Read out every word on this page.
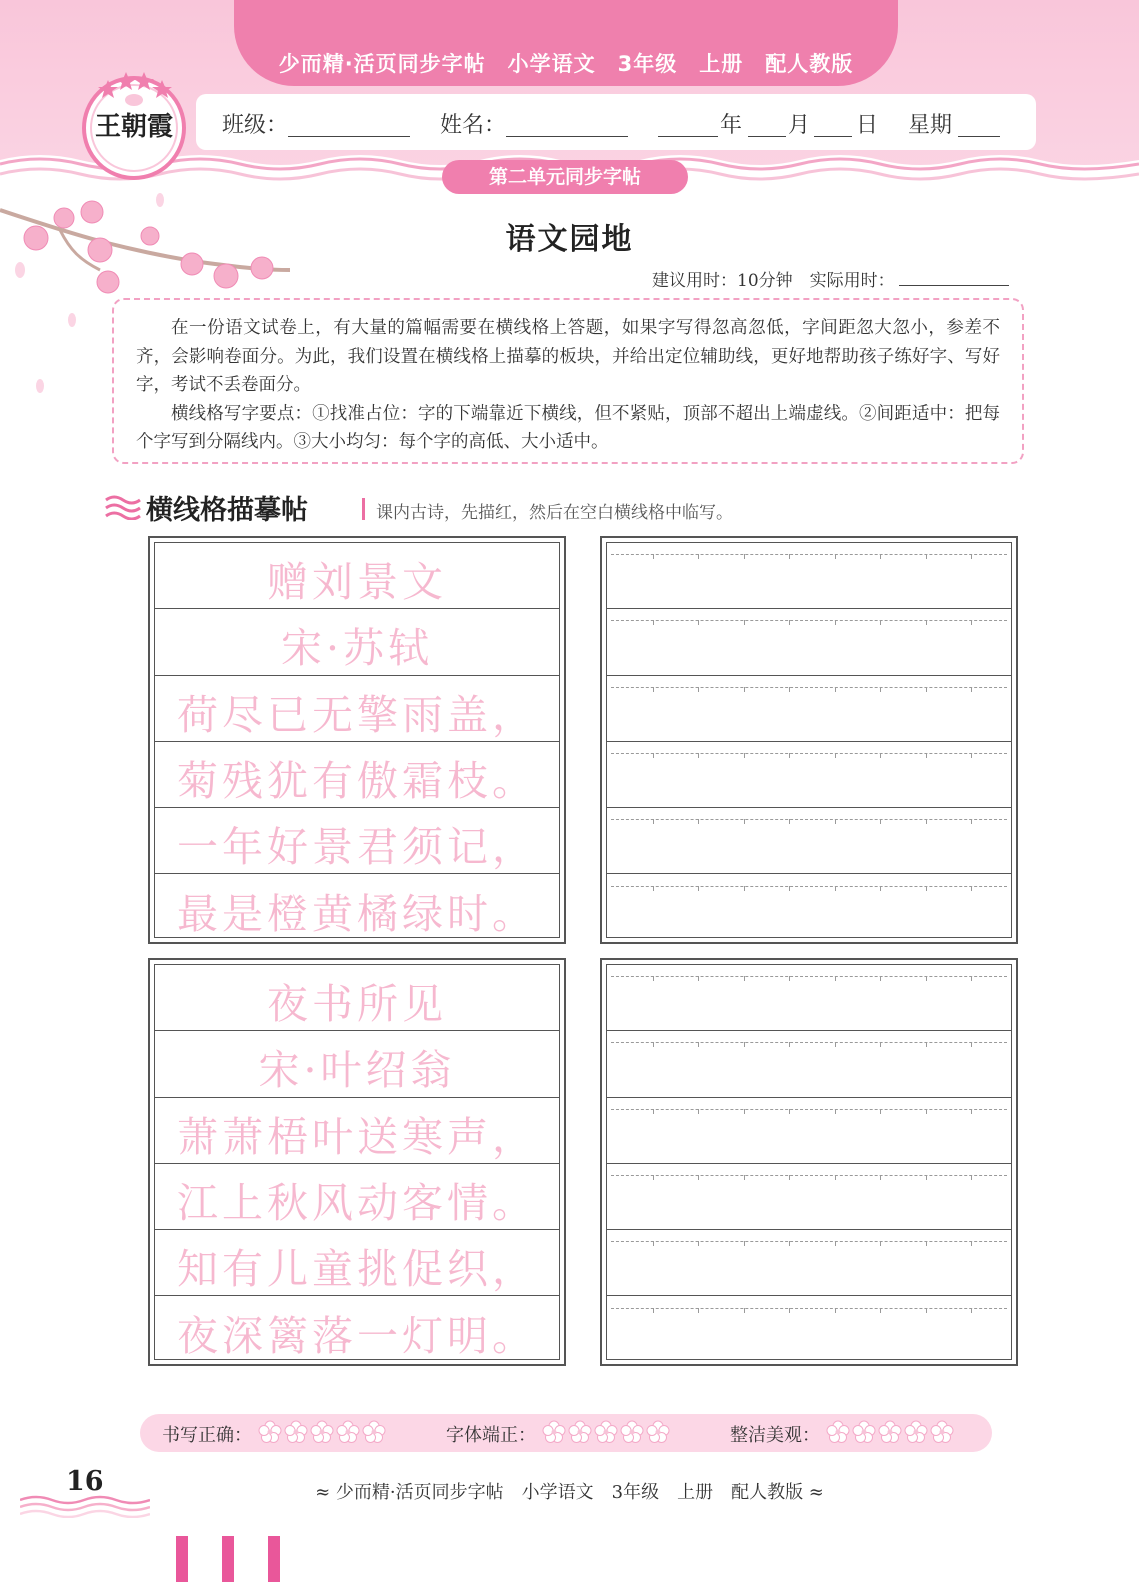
少而精·活页同步字帖　小学语文　3年级　上册　配人教版
班级：	姓名：	年 月 日 星期
王朝霞
第二单元同步字帖
语文园地
建议用时：10分钟　实际用时：

在一份语文试卷上，有大量的篇幅需要在横线格上答题，如果字写得忽高忽低，字间距忽大忽小，参差不齐，会影响卷面分。为此，我们设置在横线格上描摹的板块，并给出定位辅助线，更好地帮助孩子练好字、写好字，考试不丢卷面分。

横线格写字要点：①找准占位：字的下端靠近下横线，但不紧贴，顶部不超出上端虚线。②间距适中：把每个字写到分隔线内。③大小均匀：每个字的高低、大小适中。

横线格描摹帖	课内古诗，先描红，然后在空白横线格中临写。
赠刘景文
宋·苏轼
荷尽已无擎雨盖，
菊残犹有傲霜枝。
一年好景君须记，
最是橙黄橘绿时。
夜书所见
宋·叶绍翁
萧萧梧叶送寒声，
江上秋风动客情。
知有儿童挑促织，
夜深篱落一灯明。
书写正确：	字体端正：	整洁美观：
16	≈ 少而精·活页同步字帖　小学语文　3年级　上册　配人教版 ≈
